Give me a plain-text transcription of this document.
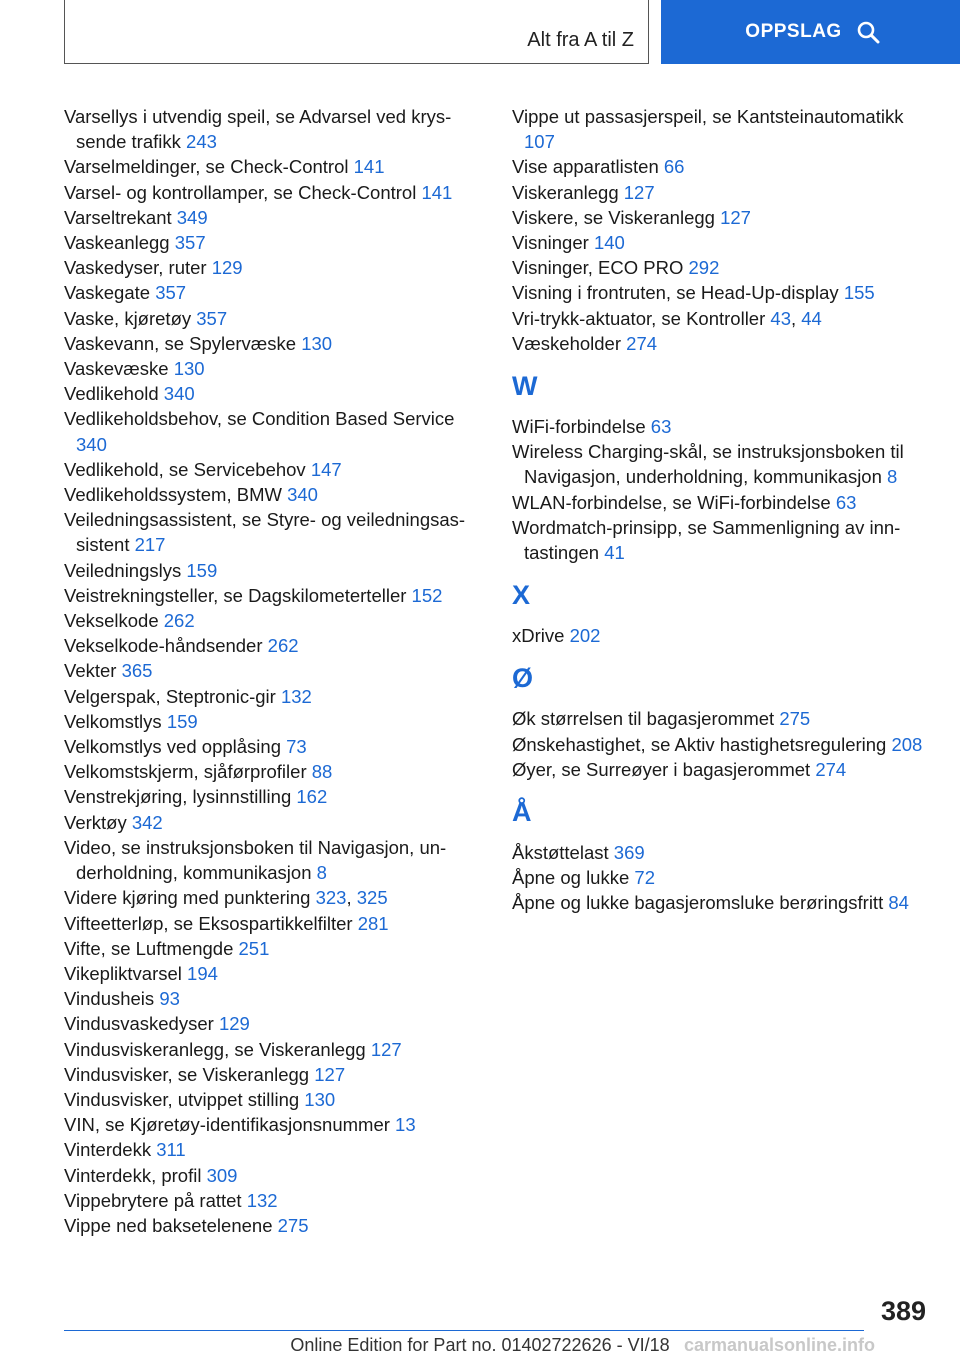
Alt fra A til Z	OPPSLAG

Varsellys i utvendig speil, se Advarsel ved kryssende trafikk 243

Varselmeldinger, se Check-Control 141

Varsel- og kontrollamper, se Check-Control 141

Varseltrekant 349

Vaskeanlegg 357

Vaskedyser, ruter 129

Vaskegate 357

Vaske, kjøretøy 357

Vaskevann, se Spylervæske 130

Vaskevæske 130

Vedlikehold 340

Vedlikeholdsbehov, se Condition Based Service 340

Vedlikehold, se Servicebehov 147

Vedlikeholdssystem, BMW 340

Veiledningsassistent, se Styre- og veiledningsassistent 217

Veiledningslys 159

Veistrekningsteller, se Dagskilometerteller 152

Vekselkode 262

Vekselkode-håndsender 262

Vekter 365

Velgerspak, Steptronic-gir 132

Velkomstlys 159

Velkomstlys ved opplåsing 73

Velkomstskjerm, sjåførprofiler 88

Venstrekjøring, lysinnstilling 162

Verktøy 342

Video, se instruksjonsboken til Navigasjon, underholdning, kommunikasjon 8

Videre kjøring med punktering 323, 325

Vifteetterløp, se Eksospartikkelfilter 281

Vifte, se Luftmengde 251

Vikepliktvarsel 194

Vindusheis 93

Vindusvaskedyser 129

Vindusviskeranlegg, se Viskeranlegg 127

Vindusvisker, se Viskeranlegg 127

Vindusvisker, utvippet stilling 130

VIN, se Kjøretøy-identifikasjonsnummer 13

Vinterdekk 311

Vinterdekk, profil 309

Vippebrytere på rattet 132

Vippe ned baksetelenene 275

Vippe ut passasjerspeil, se Kantsteinautomatikk 107

Vise apparatlisten 66

Viskeranlegg 127

Viskere, se Viskeranlegg 127

Visninger 140

Visninger, ECO PRO 292

Visning i frontruten, se Head-Up-display 155

Vri-trykk-aktuator, se Kontroller 43, 44

Væskeholder 274

W

WiFi-forbindelse 63

Wireless Charging-skål, se instruksjonsboken til Navigasjon, underholdning, kommunikasjon 8

WLAN-forbindelse, se WiFi-forbindelse 63

Wordmatch-prinsipp, se Sammenligning av inntastingen 41

X

xDrive 202

Ø

Øk størrelsen til bagasjerommet 275

Ønskehastighet, se Aktiv hastighetsregulering 208

Øyer, se Surreøyer i bagasjerommet 274

Å

Åkstøttelast 369

Åpne og lukke 72

Åpne og lukke bagasjeromsluke berøringsfritt 84

389
Online Edition for Part no. 01402722626 - VI/18 carmanualsonline.info
